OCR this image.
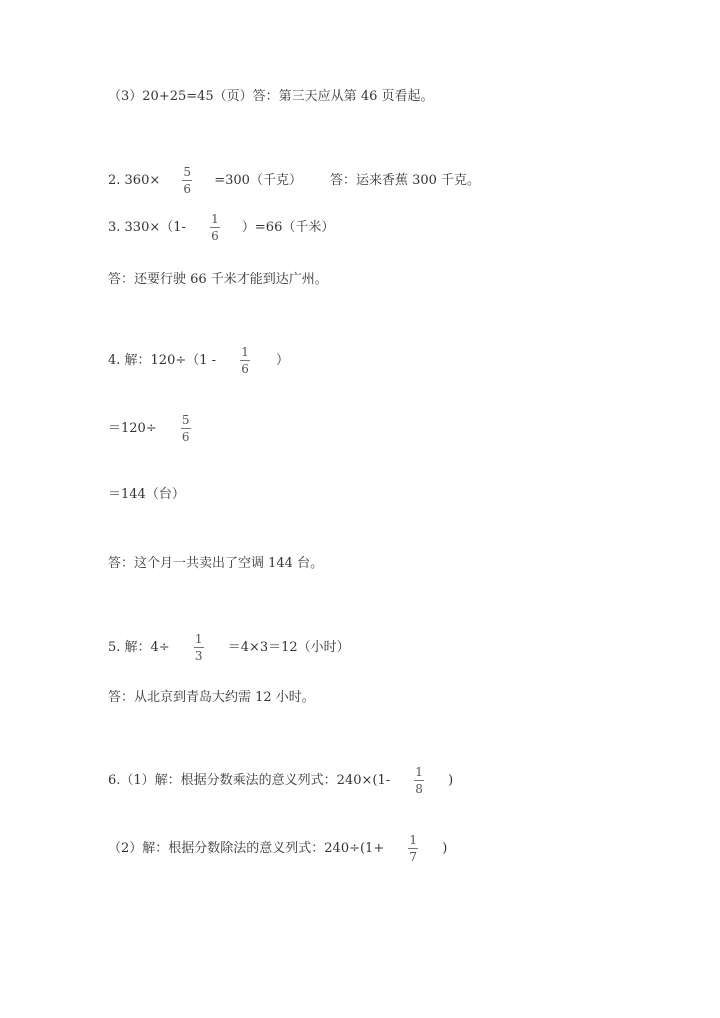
（3）20+25=45（页）答：第三天应从第 46 页看起。
2. $360\times \frac{5}{6} =300$（千克） 答：运来香蕉 300 千克。
3. $330\times(1- \frac{1}{6} )=66$（千米）
答：还要行驶 66 千米才能到达广州。
4. 解：$120\div(1 - \frac{1}{6}$ ）
$=120\div \frac{5}{6}$
＝144（台）
答：这个月一共卖出了空调 144 台。
5. 解：$4\div \frac{1}{3} =4\times 3=12$（小时）
答：从北京到青岛大约需 12 小时。
6.（1）解：根据分数乘法的意义列式：$240\times(1- \frac{1}{8}$ )
（2）解：根据分数除法的意义列式：$240\div(1+ \frac{1}{7}$ )
